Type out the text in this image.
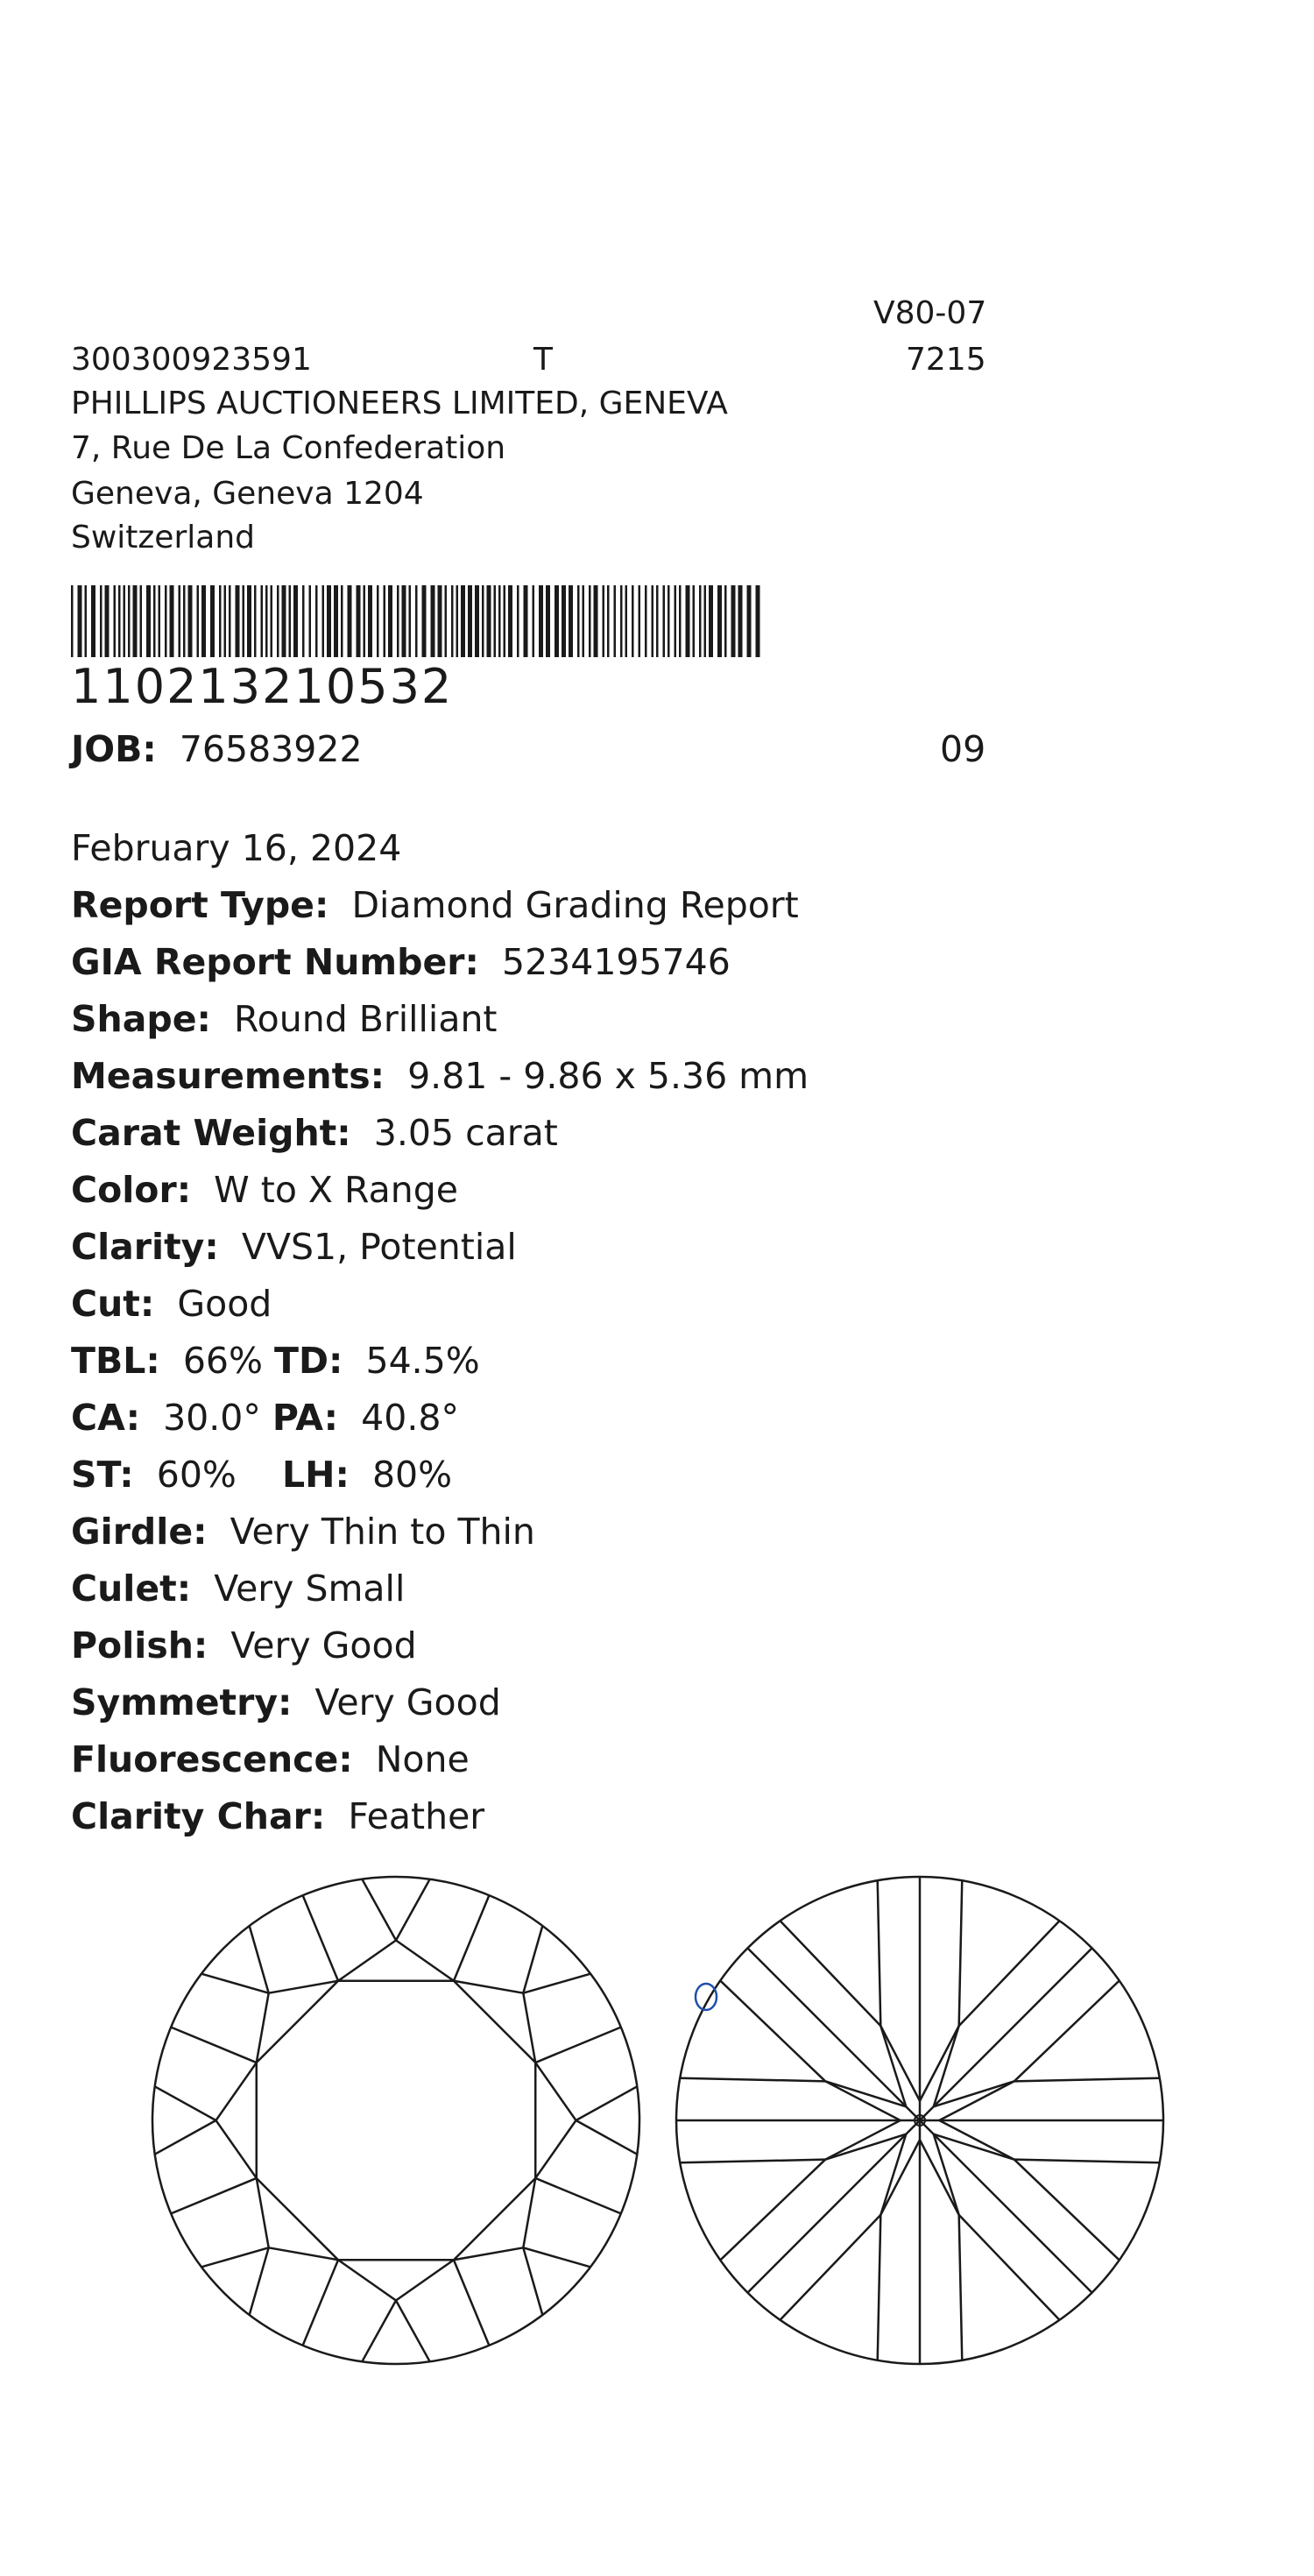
V80-07
7215
300300923591	T
PHILLIPS AUCTIONEERS LIMITED, GENEVA
7, Rue De La Confederation
Geneva, Geneva 1204
Switzerland
110213210532
JOB: 76583922	09
February 16, 2024
Report Type: Diamond Grading Report
GIA Report Number: 5234195746
Shape: Round Brilliant
Measurements: 9.81 - 9.86 x 5.36 mm
Carat Weight: 3.05 carat
Color: W to X Range
Clarity: VVS1, Potential
Cut: Good
TBL: 66% TD: 54.5%
CA: 30.0° PA: 40.8°
ST: 60% LH: 80%
Girdle: Very Thin to Thin
Culet: Very Small
Polish: Very Good
Symmetry: Very Good
Fluorescence: None
Clarity Char: Feather
